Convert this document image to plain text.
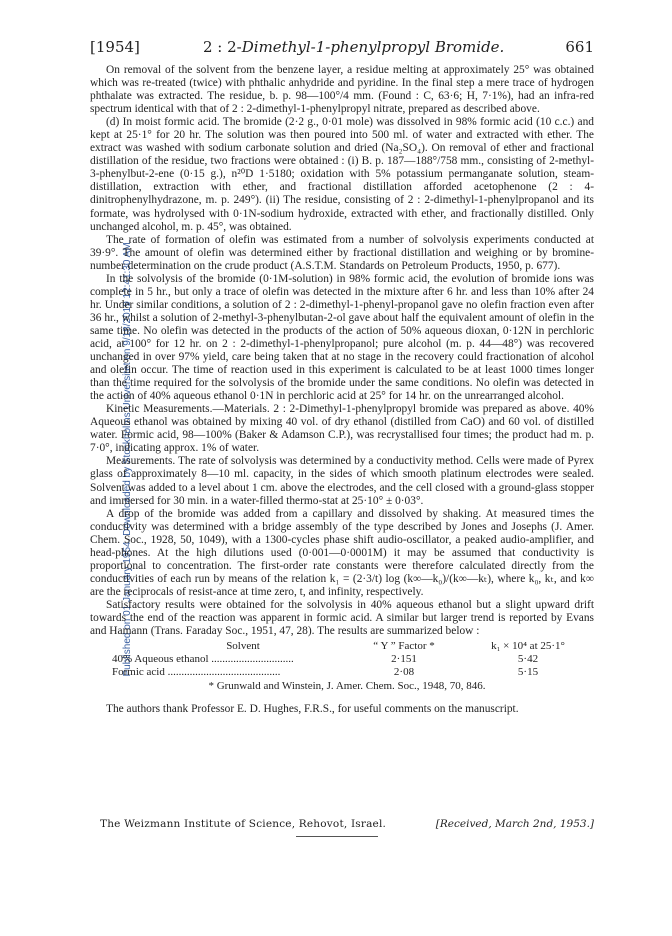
Published on 01 January 1954. Downloaded by Stockholms Universitet on 9/18/2019 12:41:30 AM.
[1954]	2 : 2-Dimethyl-1-phenylpropyl Bromide.	661

On removal of the solvent from the benzene layer, a residue melting at approximately 25° was obtained which was re-treated (twice) with phthalic anhydride and pyridine. In the final step a mere trace of hydrogen phthalate was extracted. The residue, b. p. 98—100°/4 mm. (Found : C, 63·6; H, 7·1%), had an infra-red spectrum identical with that of 2 : 2-dimethyl-1-phenylpropyl nitrate, prepared as described above.

(d) In moist formic acid. The bromide (2·2 g., 0·01 mole) was dissolved in 98% formic acid (10 c.c.) and kept at 25·1° for 20 hr. The solution was then poured into 500 ml. of water and extracted with ether. The extract was washed with sodium carbonate solution and dried (Na₂SO₄). On removal of ether and fractional distillation of the residue, two fractions were obtained : (i) B. p. 187—188°/758 mm., consisting of 2-methyl-3-phenylbut-2-ene (0·15 g.), n²⁰D 1·5180; oxidation with 5% potassium permanganate solution, steam-distillation, extraction with ether, and fractional distillation afforded acetophenone (2 : 4-dinitrophenylhydrazone, m. p. 249°). (ii) The residue, consisting of 2 : 2-dimethyl-1-phenylpropanol and its formate, was hydrolysed with 0·1N-sodium hydroxide, extracted with ether, and fractionally distilled. Only unchanged alcohol, m. p. 45°, was obtained.

The rate of formation of olefin was estimated from a number of solvolysis experiments conducted at 39·9°. The amount of olefin was determined either by fractional distillation and weighing or by bromine-number determination on the crude product (A.S.T.M. Standards on Petroleum Products, 1950, p. 677).

In the solvolysis of the bromide (0·1M-solution) in 98% formic acid, the evolution of bromide ions was complete in 5 hr., but only a trace of olefin was detected in the mixture after 6 hr. and less than 10% after 24 hr. Under similar conditions, a solution of 2 : 2-dimethyl-1-phenyl-propanol gave no olefin fraction even after 36 hr., whilst a solution of 2-methyl-3-phenylbutan-2-ol gave about half the equivalent amount of olefin in the same time. No olefin was detected in the products of the action of 50% aqueous dioxan, 0·12N in perchloric acid, at 100° for 12 hr. on 2 : 2-dimethyl-1-phenylpropanol; pure alcohol (m. p. 44—48°) was recovered unchanged in over 97% yield, care being taken that at no stage in the recovery could fractionation of alcohol and olefin occur. The time of reaction used in this experiment is calculated to be at least 1000 times longer than the time required for the solvolysis of the bromide under the same conditions. No olefin was detected in the action of 40% aqueous ethanol 0·1N in perchloric acid at 25° for 14 hr. on the unrearranged alcohol.

Kinetic Measurements.—Materials. 2 : 2-Dimethyl-1-phenylpropyl bromide was prepared as above. 40% Aqueous ethanol was obtained by mixing 40 vol. of dry ethanol (distilled from CaO) and 60 vol. of distilled water. Formic acid, 98—100% (Baker & Adamson C.P.), was recrystallised four times; the product had m. p. 7·0°, indicating approx. 1% of water.

Measurements. The rate of solvolysis was determined by a conductivity method. Cells were made of Pyrex glass of approximately 8—10 ml. capacity, in the sides of which smooth platinum electrodes were sealed. Solvent was added to a level about 1 cm. above the electrodes, and the cell closed with a ground-glass stopper and immersed for 30 min. in a water-filled thermo-stat at 25·10° ± 0·03°.

A drop of the bromide was added from a capillary and dissolved by shaking. At measured times the conductivity was determined with a bridge assembly of the type described by Jones and Josephs (J. Amer. Chem. Soc., 1928, 50, 1049), with a 1300-cycles phase shift audio-oscillator, a peaked audio-amplifier, and head-phones. At the high dilutions used (0·001—0·0001M) it may be assumed that conductivity is proportional to concentration. The first-order rate constants were therefore calculated directly from the conductivities of each run by means of the relation k₁ = (2·3/t) log (k∞—k₀)/(k∞—kₜ), where k₀, kₜ, and k∞ are the reciprocals of resist-ance at time zero, t, and infinity, respectively.

Satisfactory results were obtained for the solvolysis in 40% aqueous ethanol but a slight upward drift towards the end of the reaction was apparent in formic acid. A similar but larger trend is reported by Evans and Hamann (Trans. Faraday Soc., 1951, 47, 28). The results are summarized below :

Solvent	“ Y ” Factor *	k₁ × 10⁴ at 25·1°
40% Aqueous ethanol ..............................	2·151	5·42
Formic acid .........................................	2·08	5·15
* Grunwald and Winstein, J. Amer. Chem. Soc., 1948, 70, 846.

The authors thank Professor E. D. Hughes, F.R.S., for useful comments on the manuscript.

The Weizmann Institute of Science, Rehovot, Israel.	[Received, March 2nd, 1953.]
